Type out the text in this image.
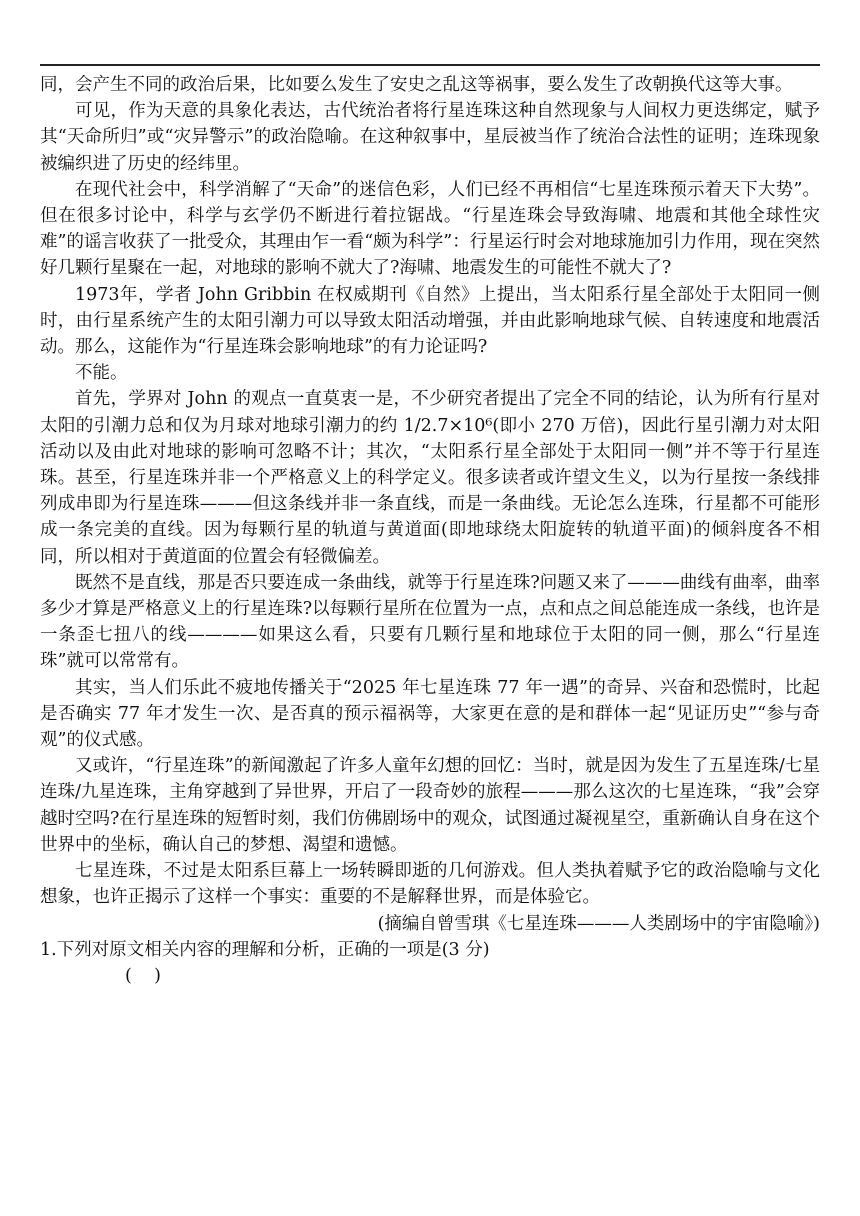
同，会产生不同的政治后果，比如要么发生了安史之乱这等祸事，要么发生了改朝换代这等大事。

可见，作为天意的具象化表达，古代统治者将行星连珠这种自然现象与人间权力更迭绑定，赋予其“天命所归”或“灾异警示”的政治隐喻。在这种叙事中，星辰被当作了统治合法性的证明；连珠现象被编织进了历史的经纬里。

在现代社会中，科学消解了“天命”的迷信色彩，人们已经不再相信“七星连珠预示着天下大势”。但在很多讨论中，科学与玄学仍不断进行着拉锯战。“行星连珠会导致海啸、地震和其他全球性灾难”的谣言收获了一批受众，其理由乍一看“颇为科学”：行星运行时会对地球施加引力作用，现在突然好几颗行星聚在一起，对地球的影响不就大了?海啸、地震发生的可能性不就大了?

1973年，学者 John Gribbin 在权威期刊《自然》上提出，当太阳系行星全部处于太阳同一侧时，由行星系统产生的太阳引潮力可以导致太阳活动增强，并由此影响地球气候、自转速度和地震活动。那么，这能作为“行星连珠会影响地球”的有力论证吗?

不能。

首先，学界对 John 的观点一直莫衷一是，不少研究者提出了完全不同的结论，认为所有行星对太阳的引潮力总和仅为月球对地球引潮力的约 1/2.7×10⁶(即小 270 万倍)，因此行星引潮力对太阳活动以及由此对地球的影响可忽略不计；其次，“太阳系行星全部处于太阳同一侧”并不等于行星连珠。甚至，行星连珠并非一个严格意义上的科学定义。很多读者或许望文生义，以为行星按一条线排列成串即为行星连珠———但这条线并非一条直线，而是一条曲线。无论怎么连珠，行星都不可能形成一条完美的直线。因为每颗行星的轨道与黄道面(即地球绕太阳旋转的轨道平面)的倾斜度各不相同，所以相对于黄道面的位置会有轻微偏差。

既然不是直线，那是否只要连成一条曲线，就等于行星连珠?问题又来了———曲线有曲率，曲率多少才算是严格意义上的行星连珠?以每颗行星所在位置为一点，点和点之间总能连成一条线，也许是一条歪七扭八的线————如果这么看，只要有几颗行星和地球位于太阳的同一侧，那么“行星连珠”就可以常常有。

其实，当人们乐此不疲地传播关于“2025 年七星连珠 77 年一遇”的奇异、兴奋和恐慌时，比起是否确实 77 年才发生一次、是否真的预示福祸等，大家更在意的是和群体一起“见证历史”“参与奇观”的仪式感。

又或许，“行星连珠”的新闻激起了许多人童年幻想的回忆：当时，就是因为发生了五星连珠/七星连珠/九星连珠，主角穿越到了异世界，开启了一段奇妙的旅程———那么这次的七星连珠，“我”会穿越时空吗?在行星连珠的短暂时刻，我们仿佛剧场中的观众，试图通过凝视星空，重新确认自身在这个世界中的坐标，确认自己的梦想、渴望和遗憾。

七星连珠，不过是太阳系巨幕上一场转瞬即逝的几何游戏。但人类执着赋予它的政治隐喻与文化想象，也许正揭示了这样一个事实：重要的不是解释世界，而是体验它。

(摘编自曾雪琪《七星连珠———人类剧场中的宇宙隐喻》)

1.下列对原文相关内容的理解和分析，正确的一项是(3 分)

(    )
